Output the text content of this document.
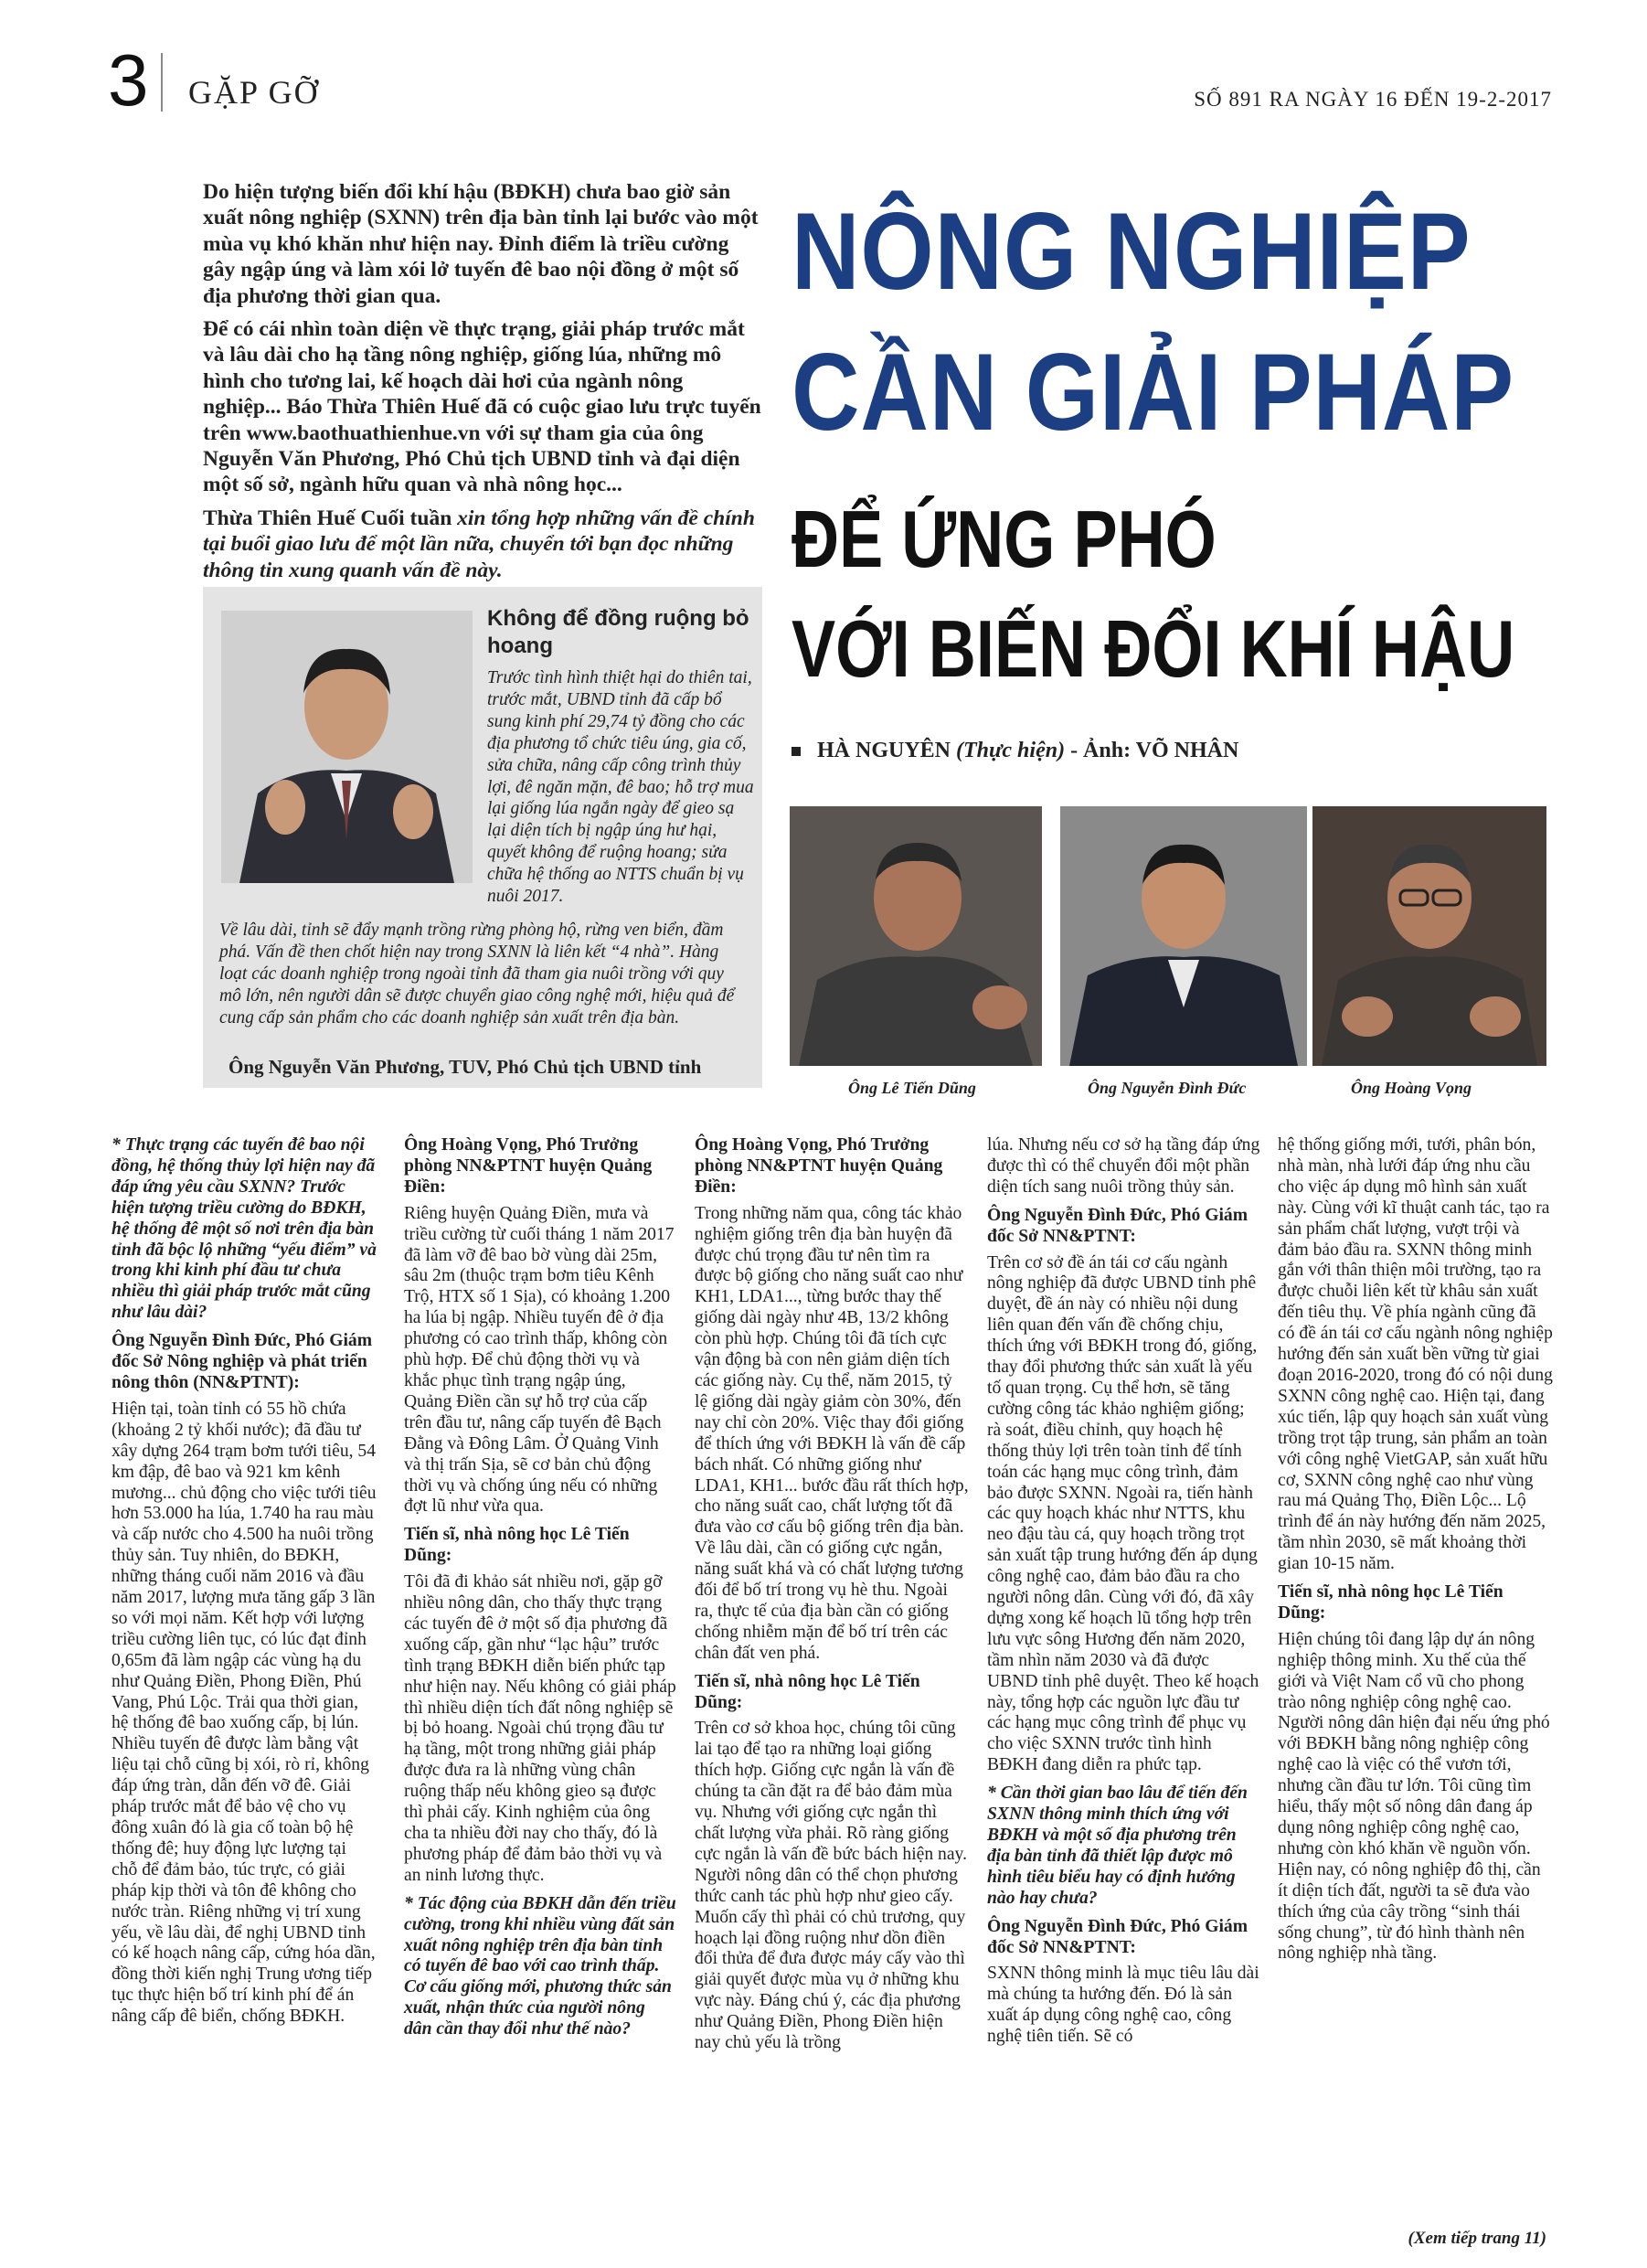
3 GẶP GỠ	SỐ 891 RA NGÀY 16 ĐẾN 19-2-2017

Do hiện tượng biến đổi khí hậu (BĐKH) chưa bao giờ sản xuất nông nghiệp (SXNN) trên địa bàn tỉnh lại bước vào một mùa vụ khó khăn như hiện nay. Đỉnh điểm là triều cường gây ngập úng và làm xói lở tuyến đê bao nội đồng ở một số địa phương thời gian qua.

Để có cái nhìn toàn diện về thực trạng, giải pháp trước mắt và lâu dài cho hạ tầng nông nghiệp, giống lúa, những mô hình cho tương lai, kế hoạch dài hơi của ngành nông nghiệp... Báo Thừa Thiên Huế đã có cuộc giao lưu trực tuyến trên www.baothuathienhue.vn với sự tham gia của ông Nguyễn Văn Phương, Phó Chủ tịch UBND tỉnh và đại diện một số sở, ngành hữu quan và nhà nông học...

Thừa Thiên Huế Cuối tuần xin tổng hợp những vấn đề chính tại buổi giao lưu để một lần nữa, chuyển tới bạn đọc những thông tin xung quanh vấn đề này.

NÔNG NGHIỆP
CẦN GIẢI PHÁP
ĐỂ ỨNG PHÓ
VỚI BIẾN ĐỔI KHÍ HẬU
HÀ NGUYÊN (Thực hiện) - Ảnh: VÕ NHÂN
Không để đồng ruộng bỏ hoang
Trước tình hình thiệt hại do thiên tai, trước mắt, UBND tỉnh đã cấp bổ sung kinh phí 29,74 tỷ đồng cho các địa phương tổ chức tiêu úng, gia cố, sửa chữa, nâng cấp công trình thủy lợi, đê ngăn mặn, đê bao; hỗ trợ mua lại giống lúa ngắn ngày để gieo sạ lại diện tích bị ngập úng hư hại, quyết không để ruộng hoang; sửa chữa hệ thống ao NTTS chuẩn bị vụ nuôi 2017.
Về lâu dài, tỉnh sẽ đẩy mạnh trồng rừng phòng hộ, rừng ven biển, đầm phá. Vấn đề then chốt hiện nay trong SXNN là liên kết “4 nhà”. Hàng loạt các doanh nghiệp trong ngoài tỉnh đã tham gia nuôi trồng với quy mô lớn, nên người dân sẽ được chuyển giao công nghệ mới, hiệu quả để cung cấp sản phẩm cho các doanh nghiệp sản xuất trên địa bàn.
Ông Nguyễn Văn Phương, TUV, Phó Chủ tịch UBND tỉnh
Ông Lê Tiến Dũng	Ông Nguyễn Đình Đức	Ông Hoàng Vọng

* Thực trạng các tuyến đê bao nội đồng, hệ thống thủy lợi hiện nay đã đáp ứng yêu cầu SXNN? Trước hiện tượng triều cường do BĐKH, hệ thống đê một số nơi trên địa bàn tỉnh đã bộc lộ những “yếu điểm” và trong khi kinh phí đầu tư chưa nhiều thì giải pháp trước mắt cũng như lâu dài?

Ông Nguyễn Đình Đức, Phó Giám đốc Sở Nông nghiệp và phát triển nông thôn (NN&PTNT):

Hiện tại, toàn tỉnh có 55 hồ chứa (khoảng 2 tỷ khối nước); đã đầu tư xây dựng 264 trạm bơm tưới tiêu, 54 km đập, đê bao và 921 km kênh mương... chủ động cho việc tưới tiêu hơn 53.000 ha lúa, 1.740 ha rau màu và cấp nước cho 4.500 ha nuôi trồng thủy sản. Tuy nhiên, do BĐKH, những tháng cuối năm 2016 và đầu năm 2017, lượng mưa tăng gấp 3 lần so với mọi năm. Kết hợp với lượng triều cường liên tục, có lúc đạt đỉnh 0,65m đã làm ngập các vùng hạ du như Quảng Điền, Phong Điền, Phú Vang, Phú Lộc. Trải qua thời gian, hệ thống đê bao xuống cấp, bị lún. Nhiều tuyến đê được làm bằng vật liệu tại chỗ cũng bị xói, rò rỉ, không đáp ứng tràn, dẫn đến vỡ đê. Giải pháp trước mắt để bảo vệ cho vụ đông xuân đó là gia cố toàn bộ hệ thống đê; huy động lực lượng tại chỗ để đảm bảo, túc trực, có giải pháp kịp thời và tôn đê không cho nước tràn. Riêng những vị trí xung yếu, về lâu dài, để nghị UBND tỉnh có kế hoạch nâng cấp, cứng hóa dần, đồng thời kiến nghị Trung ương tiếp tục thực hiện bố trí kinh phí để án nâng cấp đê biển, chống BĐKH.

Ông Hoàng Vọng, Phó Trưởng phòng NN&PTNT huyện Quảng Điền:

Riêng huyện Quảng Điền, mưa và triều cường từ cuối tháng 1 năm 2017 đã làm vỡ đê bao bờ vùng dài 25m, sâu 2m (thuộc trạm bơm tiêu Kênh Trộ, HTX số 1 Sịa), có khoảng 1.200 ha lúa bị ngập. Nhiều tuyến đê ở địa phương có cao trình thấp, không còn phù hợp. Để chủ động thời vụ và khắc phục tình trạng ngập úng, Quảng Điền cần sự hỗ trợ của cấp trên đầu tư, nâng cấp tuyến đê Bạch Đằng và Đông Lâm. Ở Quảng Vinh và thị trấn Sịa, sẽ cơ bản chủ động thời vụ và chống úng nếu có những đợt lũ như vừa qua.

Tiến sĩ, nhà nông học Lê Tiến Dũng:

Tôi đã đi khảo sát nhiều nơi, gặp gỡ nhiều nông dân, cho thấy thực trạng các tuyến đê ở một số địa phương đã xuống cấp, gần như “lạc hậu” trước tình trạng BĐKH diễn biến phức tạp như hiện nay. Nếu không có giải pháp thì nhiều diện tích đất nông nghiệp sẽ bị bỏ hoang. Ngoài chú trọng đầu tư hạ tầng, một trong những giải pháp được đưa ra là những vùng chân ruộng thấp nếu không gieo sạ được thì phải cấy. Kinh nghiệm của ông cha ta nhiều đời nay cho thấy, đó là phương pháp để đảm bảo thời vụ và an ninh lương thực.

* Tác động của BĐKH dẫn đến triều cường, trong khi nhiều vùng đất sản xuất nông nghiệp trên địa bàn tỉnh có tuyến đê bao với cao trình thấp. Cơ cấu giống mới, phương thức sản xuất, nhận thức của người nông dân cần thay đổi như thế nào?

Ông Hoàng Vọng, Phó Trưởng phòng NN&PTNT huyện Quảng Điền:

Trong những năm qua, công tác khảo nghiệm giống trên địa bàn huyện đã được chú trọng đầu tư nên tìm ra được bộ giống cho năng suất cao như KH1, LDA1..., từng bước thay thế giống dài ngày như 4B, 13/2 không còn phù hợp. Chúng tôi đã tích cực vận động bà con nên giảm diện tích các giống này. Cụ thể, năm 2015, tỷ lệ giống dài ngày giảm còn 30%, đến nay chỉ còn 20%. Việc thay đổi giống để thích ứng với BĐKH là vấn đề cấp bách nhất. Có những giống như LDA1, KH1... bước đầu rất thích hợp, cho năng suất cao, chất lượng tốt đã đưa vào cơ cấu bộ giống trên địa bàn. Về lâu dài, cần có giống cực ngắn, năng suất khá và có chất lượng tương đối để bố trí trong vụ hè thu. Ngoài ra, thực tế của địa bàn cần có giống chống nhiễm mặn để bố trí trên các chân đất ven phá.

Tiến sĩ, nhà nông học Lê Tiến Dũng:

Trên cơ sở khoa học, chúng tôi cũng lai tạo để tạo ra những loại giống thích hợp. Giống cực ngắn là vấn đề chúng ta cần đặt ra để bảo đảm mùa vụ. Nhưng với giống cực ngắn thì chất lượng vừa phải. Rõ ràng giống cực ngắn là vấn đề bức bách hiện nay. Người nông dân có thể chọn phương thức canh tác phù hợp như gieo cấy. Muốn cấy thì phải có chủ trương, quy hoạch lại đồng ruộng như dồn điền đổi thửa để đưa được máy cấy vào thì giải quyết được mùa vụ ở những khu vực này. Đáng chú ý, các địa phương như Quảng Điền, Phong Điền hiện nay chủ yếu là trồng

lúa. Nhưng nếu cơ sở hạ tầng đáp ứng được thì có thể chuyển đổi một phần diện tích sang nuôi trồng thủy sản.

Ông Nguyễn Đình Đức, Phó Giám đốc Sở NN&PTNT:

Trên cơ sở đề án tái cơ cấu ngành nông nghiệp đã được UBND tỉnh phê duyệt, đề án này có nhiều nội dung liên quan đến vấn đề chống chịu, thích ứng với BĐKH trong đó, giống, thay đổi phương thức sản xuất là yếu tố quan trọng. Cụ thể hơn, sẽ tăng cường công tác khảo nghiệm giống; rà soát, điều chỉnh, quy hoạch hệ thống thủy lợi trên toàn tỉnh để tính toán các hạng mục công trình, đảm bảo được SXNN. Ngoài ra, tiến hành các quy hoạch khác như NTTS, khu neo đậu tàu cá, quy hoạch trồng trọt sản xuất tập trung hướng đến áp dụng công nghệ cao, đảm bảo đầu ra cho người nông dân. Cùng với đó, đã xây dựng xong kế hoạch lũ tổng hợp trên lưu vực sông Hương đến năm 2020, tầm nhìn năm 2030 và đã được UBND tỉnh phê duyệt. Theo kế hoạch này, tổng hợp các nguồn lực đầu tư các hạng mục công trình để phục vụ cho việc SXNN trước tình hình BĐKH đang diễn ra phức tạp.

* Cần thời gian bao lâu để tiến đến SXNN thông minh thích ứng với BĐKH và một số địa phương trên địa bàn tỉnh đã thiết lập được mô hình tiêu biểu hay có định hướng nào hay chưa?

Ông Nguyễn Đình Đức, Phó Giám đốc Sở NN&PTNT:

SXNN thông minh là mục tiêu lâu dài mà chúng ta hướng đến. Đó là sản xuất áp dụng công nghệ cao, công nghệ tiên tiến. Sẽ có

hệ thống giống mới, tưới, phân bón, nhà màn, nhà lưới đáp ứng nhu cầu cho việc áp dụng mô hình sản xuất này. Cùng với kĩ thuật canh tác, tạo ra sản phẩm chất lượng, vượt trội và đảm bảo đầu ra. SXNN thông minh gắn với thân thiện môi trường, tạo ra được chuỗi liên kết từ khâu sản xuất đến tiêu thụ. Về phía ngành cũng đã có đề án tái cơ cấu ngành nông nghiệp hướng đến sản xuất bền vững từ giai đoạn 2016-2020, trong đó có nội dung SXNN công nghệ cao. Hiện tại, đang xúc tiến, lập quy hoạch sản xuất vùng trồng trọt tập trung, sản phẩm an toàn với công nghệ VietGAP, sản xuất hữu cơ, SXNN công nghệ cao như vùng rau má Quảng Thọ, Điền Lộc... Lộ trình để án này hướng đến năm 2025, tầm nhìn 2030, sẽ mất khoảng thời gian 10-15 năm.

Tiến sĩ, nhà nông học Lê Tiến Dũng:

Hiện chúng tôi đang lập dự án nông nghiệp thông minh. Xu thế của thế giới và Việt Nam cổ vũ cho phong trào nông nghiệp công nghệ cao. Người nông dân hiện đại nếu ứng phó với BĐKH bằng nông nghiệp công nghệ cao là việc có thể vươn tới, nhưng cần đầu tư lớn. Tôi cũng tìm hiểu, thấy một số nông dân đang áp dụng nông nghiệp công nghệ cao, nhưng còn khó khăn về nguồn vốn. Hiện nay, có nông nghiệp đô thị, cần ít diện tích đất, người ta sẽ đưa vào thích ứng của cây trồng “sinh thái sống chung”, từ đó hình thành nên nông nghiệp nhà tầng.

(Xem tiếp trang 11)
